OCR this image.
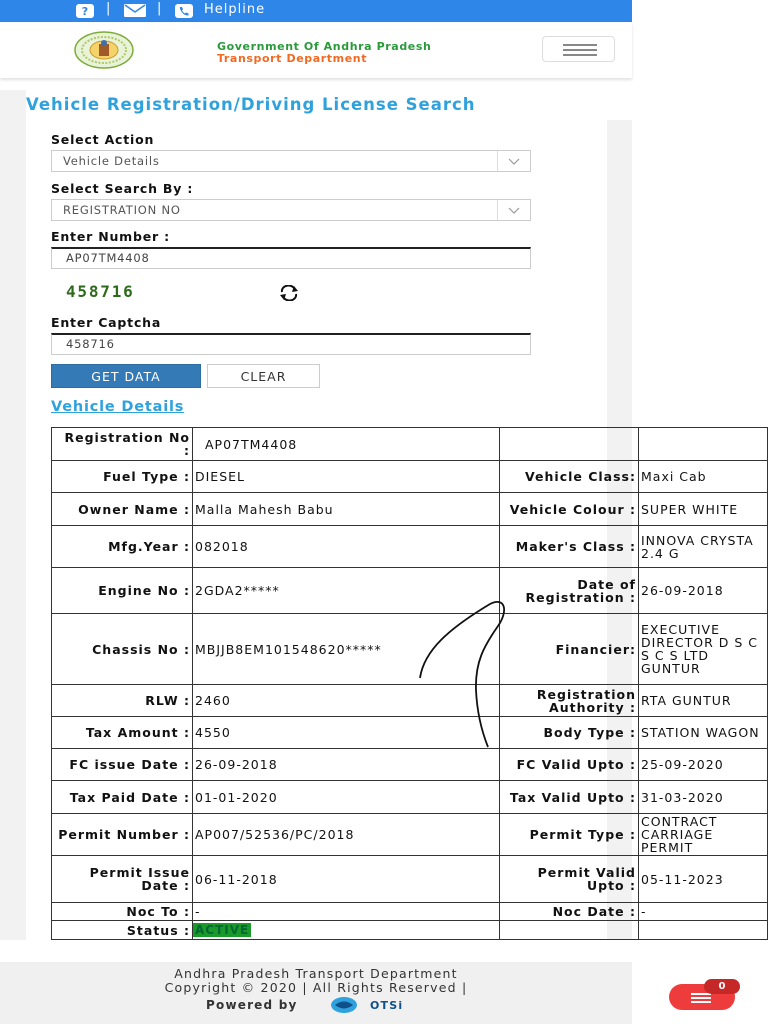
? |	|	Helpline
Government Of Andhra Pradesh
Transport Department
Vehicle Registration/Driving License Search
Select Action
Vehicle Details
Select Search By :
REGISTRATION NO
Enter Number :
AP07TM4408
458716
Enter Captcha
458716
GET DATA	CLEAR
Vehicle Details
Registration No :	AP07TM4408		
Fuel Type :	DIESEL	Vehicle Class:	Maxi Cab
Owner Name :	Malla Mahesh Babu	Vehicle Colour :	SUPER WHITE
Mfg.Year :	082018	Maker's Class :	INNOVA CRYSTA 2.4 G
Engine No :	2GDA2*****	Date of Registration :	26-09-2018
Chassis No :	MBJJB8EM101548620*****	Financier:	EXECUTIVE DIRECTOR D S C S C S LTD GUNTUR
RLW :	2460	Registration Authority :	RTA GUNTUR
Tax Amount :	4550	Body Type :	STATION WAGON
FC issue Date :	26-09-2018	FC Valid Upto :	25-09-2020
Tax Paid Date :	01-01-2020	Tax Valid Upto :	31-03-2020
Permit Number :	AP007/52536/PC/2018	Permit Type :	CONTRACT CARRIAGE PERMIT
Permit Issue Date :	06-11-2018	Permit Valid Upto :	05-11-2023
Noc To :	-	Noc Date :	-
Status :	ACTIVE		
Andhra Pradesh Transport Department
Copyright © 2020 | All Rights Reserved |
Powered by	OTSi
0
